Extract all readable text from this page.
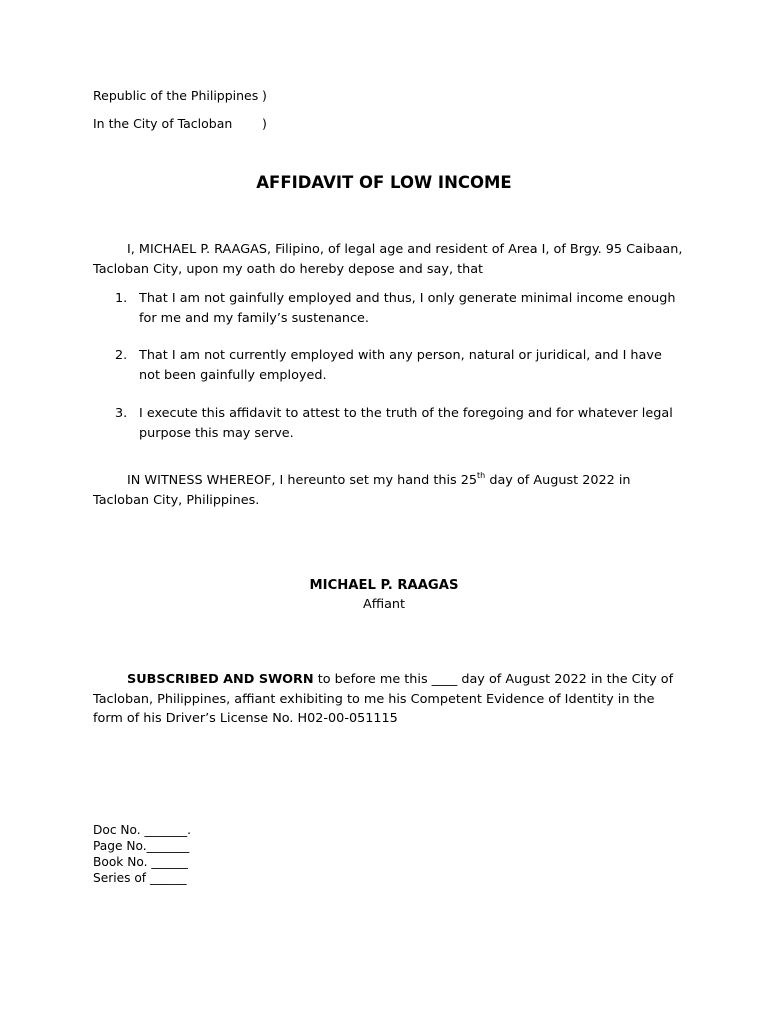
Republic of the Philippines )
In the City of Tacloban )
AFFIDAVIT OF LOW INCOME
I, MICHAEL P. RAAGAS, Filipino, of legal age and resident of Area I, of Brgy. 95 Caibaan, Tacloban City, upon my oath do hereby depose and say, that
1. That I am not gainfully employed and thus, I only generate minimal income enough for me and my family’s sustenance.
2. That I am not currently employed with any person, natural or juridical, and I have not been gainfully employed.
3. I execute this affidavit to attest to the truth of the foregoing and for whatever legal purpose this may serve.
IN WITNESS WHEREOF, I hereunto set my hand this 25th day of August 2022 in Tacloban City, Philippines.
MICHAEL P. RAAGAS
Affiant
SUBSCRIBED AND SWORN to before me this ____ day of August 2022 in the City of Tacloban, Philippines, affiant exhibiting to me his Competent Evidence of Identity in the form of his Driver’s License No. H02-00-051115
Doc No. _______.
Page No._______
Book No. ______
Series of ______
